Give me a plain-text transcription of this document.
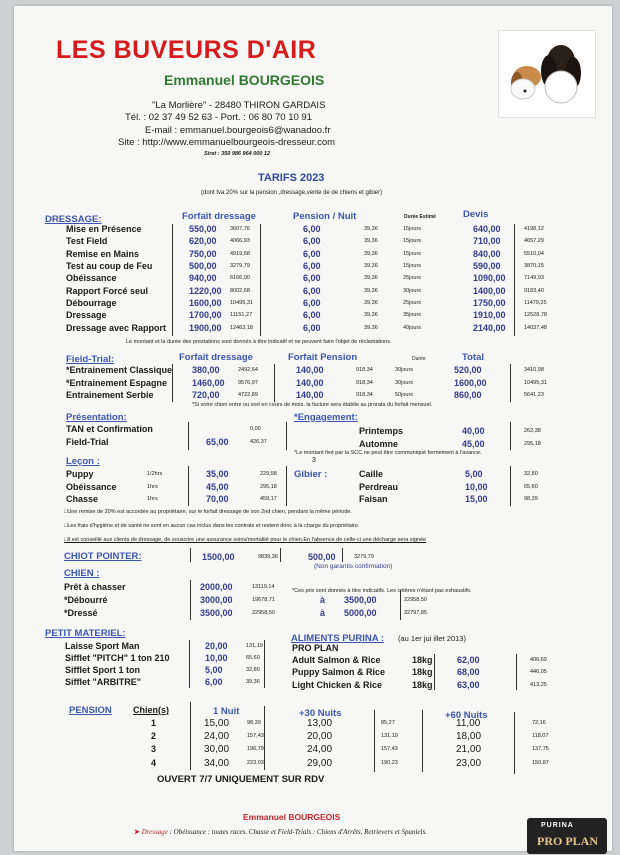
LES BUVEURS D'AIR
Emmanuel BOURGEOIS
"La Morlière" - 28480 THIRON GARDAIS
Tél. : 02 37 49 52 63 - Port. : 06 80 70 10 91
E-mail : emmanuel.bourgeois6@wanadoo.fr
Site : http://www.emmanuelbourgeois-dresseur.com
Siret : 350 986 964 000 12
TARIFS 2023
(dont tva 20% sur la pension ,dressage,vente de de chiens et gibier)
DRESSAGE:	Forfait dressage	Pension / Nuit	Durée Estimé	Devis
Mise en Présence	550,00 3607,76	6,00	39,36	15jours	640,00	4198,12
Test Field	620,00 4066,93	6,00	39,36	15jours	710,00	4657,29
Remise en Mains	750,00 4919,68	6,00	39,36	15jours	840,00	5510,04
Test au coup de Feu	500,00 3279,79	6,00	39,36	15jours	590,00	3870,15
Obéissance	940,00 6166,00	6,00	39,36	25jours	1090,00	7149,93
Rapport Forcé seul	1220,00 8002,68	6,00	39,36	30jours	1400,00	9183,40
Débourrage	1600,00 10495,31	6,00	39,36	25jours	1750,00	11479,25
Dressage	1700,00 11151,27	6,00	39,36	35jours	1910,00	12528,78
Dressage avec Rapport	1900,00 12463,18	6,00	39,36	40jours	2140,00	14037,48
Le montant et la durée des prestations sont donnés à titre indicatif et ne peuvent faire l'objet de réclamations.
Field-Trial:	Forfait dressage	Forfait Pension	Durée	Total
*Entrainement Classique 380,00	2492,64	140,00	918,34	30jours	520,00	3410,98
*Entrainement Espagne	1460,00 9576,97	140,00	918,34	30jours	1600,00	10495,31
Entrainement Serbie	720,00	4722,89	140,00	918,34	50jours	860,00	5641,23
*Si votre chien entre ou sort en cours de mois, la facture sera établie au prorata du forfait mensuel.
Présentation:	*Engagement:
TAN et Confirmation	0,00
Field-Trial	65,00	426,37
Printemps	40,00	262,38
Automne	45,00	295,18
*Le montant fixé par la SCC.ne peut être communiqué fermement à l'avance.
3
Leçon :
Gibier :
Puppy	1/2hrs	35,00	229,58
Obéissance	1hrs	45,00	295,18
Chasse	1hrs	70,00	459,17
Caille	5,00	32,80
Perdreau	10,00	65,60
Faisan	15,00	98,39
□Une remise de 20% est accordée au propriétaire, sur le forfait dressage de son 2nd chien, pendant la même période.
□Les frais d'hygiène et de santé ne sont en aucun cas inclus dans les contrats et restent donc à la charge du propriétaire.
□Il est conseillé aux clients de dressage, de souscrire une assurance soins/mortalité pour le chien.En l'absence de celle-ci une décharge sera signée
CHIOT POINTER:	1500,00	9839,36	500,00	3279,79
(Non garantis confirmation)
CHIEN :
Prêt à chasser	2000,00	13119,14
*Débourré	3000,00	19678,71	à 3500,00	22958,50
*Dressé	3500,00	22958,50	à 5000,00	32797,85
*Ces prix sont donnés à titre indicatifs. Les critères n'étant pas exhaustifs.
PETIT MATERIEL:	ALIMENTS PURINA : (au 1er jui illet 2013)
PRO PLAN
Laisse Sport Man	20,00	131,19
Sifflet "PITCH" 1 ton 210	10,00	65,60
Sifflet Sport 1 ton	5,00	32,80
Sifflet "ARBITRE"	6,00	39,36
Adult Salmon & Rice	18kg	62,00	406,69
Puppy Salmon & Rice	18kg	68,00	446,05
Light Chicken & Rice	18kg	63,00	413,25
PENSION Chien(s)	1 Nuit	+30 Nuits	+60 Nuits
1	15,00	98,39	13,00	85,27	11,00	72,16
2	24,00	157,43	20,00	131,19	18,00	118,07
3	30,00	196,79	24,00	157,43	21,00	137,75
4	34,00	223,03	29,00	190,23	23,00	150,87
OUVERT 7/7 UNIQUEMENT SUR RDV
Emmanuel BOURGEOIS
➤ Dressage : Obéissance : toutes races. Chasse et Field-Trials : Chiens d'Arrêts, Retrievers et Spaniels.
PURINA
PRO PLAN
